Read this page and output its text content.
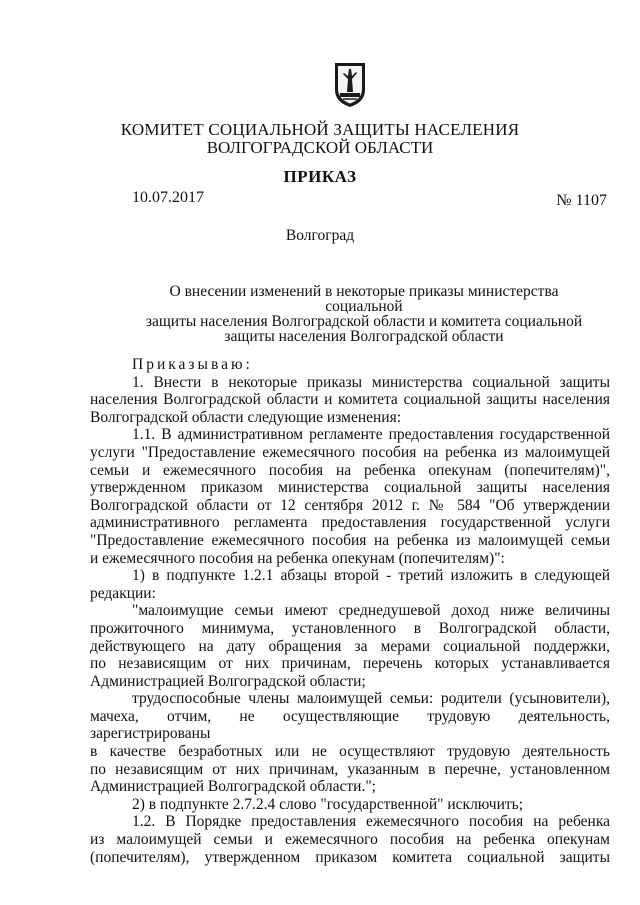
КОМИТЕТ СОЦИАЛЬНОЙ ЗАЩИТЫ НАСЕЛЕНИЯ
ВОЛГОГРАДСКОЙ ОБЛАСТИ
ПРИКАЗ
10.07.2017	№ 1107
Волгоград
О внесении изменений в некоторые приказы министерства социальной
защиты населения Волгоградской области и комитета социальной
защиты населения Волгоградской области

Приказываю:

1. Внести в некоторые приказы министерства социальной защиты

населения Волгоградской области и комитета социальной защиты населения

Волгоградской области следующие изменения:

1.1. В административном регламенте предоставления государственной

услуги "Предоставление ежемесячного пособия на ребенка из малоимущей

семьи и ежемесячного пособия на ребенка опекунам (попечителям)",

утвержденном приказом министерства социальной защиты населения

Волгоградской области от 12 сентября 2012 г. № 584 "Об утверждении

административного регламента предоставления государственной услуги

"Предоставление ежемесячного пособия на ребенка из малоимущей семьи

и ежемесячного пособия на ребенка опекунам (попечителям)":

1) в подпункте 1.2.1 абзацы второй - третий изложить в следующей

редакции:

"малоимущие семьи имеют среднедушевой доход ниже величины

прожиточного минимума, установленного в Волгоградской области,

действующего на дату обращения за мерами социальной поддержки,

по независящим от них причинам, перечень которых устанавливается

Администрацией Волгоградской области;

трудоспособные члены малоимущей семьи: родители (усыновители),

мачеха, отчим, не осуществляющие трудовую деятельность, зарегистрированы

в качестве безработных или не осуществляют трудовую деятельность

по независящим от них причинам, указанным в перечне, установленном

Администрацией Волгоградской области.";

2) в подпункте 2.7.2.4 слово "государственной" исключить;

1.2. В Порядке предоставления ежемесячного пособия на ребенка

из малоимущей семьи и ежемесячного пособия на ребенка опекунам

(попечителям), утвержденном приказом комитета социальной защиты
